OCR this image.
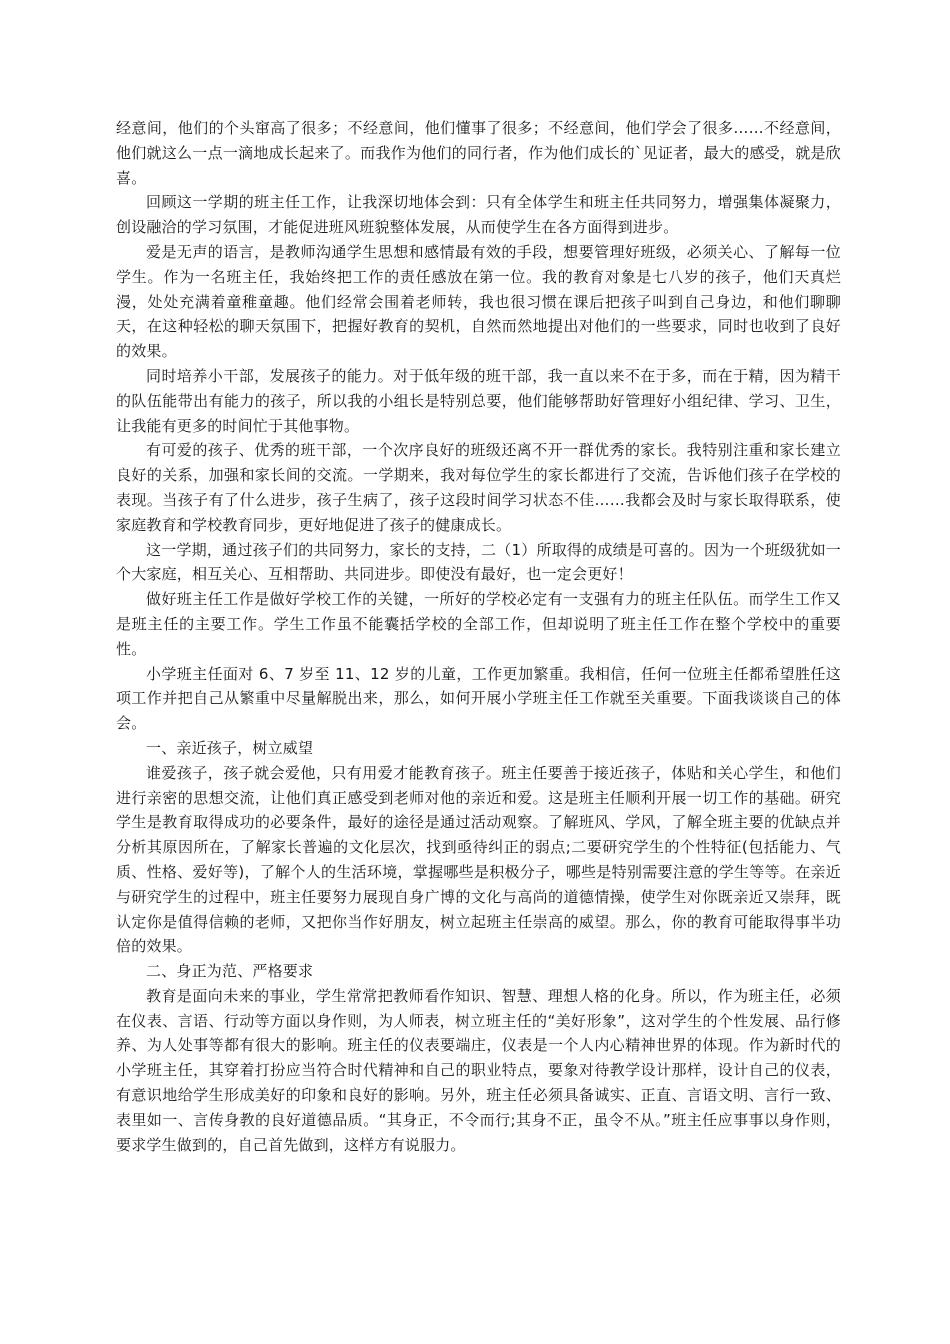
经意间，他们的个头窜高了很多；不经意间，他们懂事了很多；不经意间，他们学会了很多……不经意间，他们就这么一点一滴地成长起来了。而我作为他们的同行者，作为他们成长的`见证者，最大的感受，就是欣喜。

回顾这一学期的班主任工作，让我深切地体会到：只有全体学生和班主任共同努力，增强集体凝聚力，创设融洽的学习氛围，才能促进班风班貌整体发展，从而使学生在各方面得到进步。

爱是无声的语言，是教师沟通学生思想和感情最有效的手段，想要管理好班级，必须关心、了解每一位学生。作为一名班主任，我始终把工作的责任感放在第一位。我的教育对象是七八岁的孩子，他们天真烂漫，处处充满着童稚童趣。他们经常会围着老师转，我也很习惯在课后把孩子叫到自己身边，和他们聊聊天，在这种轻松的聊天氛围下，把握好教育的契机，自然而然地提出对他们的一些要求，同时也收到了良好的效果。

同时培养小干部，发展孩子的能力。对于低年级的班干部，我一直以来不在于多，而在于精，因为精干的队伍能带出有能力的孩子，所以我的小组长是特别总要，他们能够帮助好管理好小组纪律、学习、卫生，让我能有更多的时间忙于其他事物。

有可爱的孩子、优秀的班干部，一个次序良好的班级还离不开一群优秀的家长。我特别注重和家长建立良好的关系，加强和家长间的交流。一学期来，我对每位学生的家长都进行了交流，告诉他们孩子在学校的表现。当孩子有了什么进步，孩子生病了，孩子这段时间学习状态不佳……我都会及时与家长取得联系，使家庭教育和学校教育同步，更好地促进了孩子的健康成长。

这一学期，通过孩子们的共同努力，家长的支持，二（1）所取得的成绩是可喜的。因为一个班级犹如一个大家庭，相互关心、互相帮助、共同进步。即使没有最好，也一定会更好！

做好班主任工作是做好学校工作的关键，一所好的学校必定有一支强有力的班主任队伍。而学生工作又是班主任的主要工作。学生工作虽不能囊括学校的全部工作，但却说明了班主任工作在整个学校中的重要性。

小学班主任面对 6、7 岁至 11、12 岁的儿童，工作更加繁重。我相信，任何一位班主任都希望胜任这项工作并把自己从繁重中尽量解脱出来，那么，如何开展小学班主任工作就至关重要。下面我谈谈自己的体会。

一、亲近孩子，树立威望

谁爱孩子，孩子就会爱他，只有用爱才能教育孩子。班主任要善于接近孩子，体贴和关心学生，和他们进行亲密的思想交流，让他们真正感受到老师对他的亲近和爱。这是班主任顺利开展一切工作的基础。研究学生是教育取得成功的必要条件，最好的途径是通过活动观察。了解班风、学风，了解全班主要的优缺点并分析其原因所在，了解家长普遍的文化层次，找到亟待纠正的弱点;二要研究学生的个性特征(包括能力、气质、性格、爱好等)，了解个人的生活环境，掌握哪些是积极分子，哪些是特别需要注意的学生等等。在亲近与研究学生的过程中，班主任要努力展现自身广博的文化与高尚的道德情操，使学生对你既亲近又崇拜，既认定你是值得信赖的老师，又把你当作好朋友，树立起班主任崇高的威望。那么，你的教育可能取得事半功倍的效果。

二、身正为范、严格要求

教育是面向未来的事业，学生常常把教师看作知识、智慧、理想人格的化身。所以，作为班主任，必须在仪表、言语、行动等方面以身作则，为人师表，树立班主任的“美好形象”，这对学生的个性发展、品行修养、为人处事等都有很大的影响。班主任的仪表要端庄，仪表是一个人内心精神世界的体现。作为新时代的小学班主任，其穿着打扮应当符合时代精神和自己的职业特点，要象对待教学设计那样，设计自己的仪表，有意识地给学生形成美好的印象和良好的影响。另外，班主任必须具备诚实、正直、言语文明、言行一致、表里如一、言传身教的良好道德品质。“其身正，不令而行;其身不正，虽令不从。”班主任应事事以身作则，要求学生做到的，自己首先做到，这样方有说服力。
